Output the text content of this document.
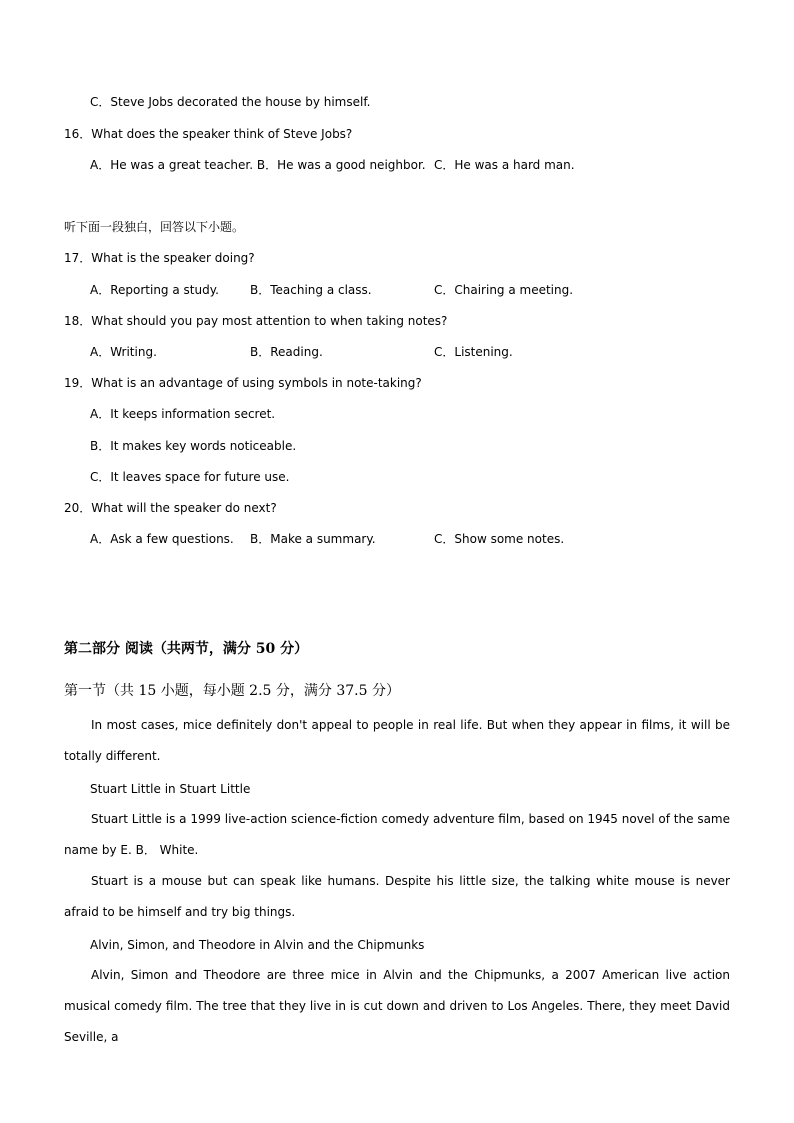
C．Steve Jobs decorated the house by himself.
16．What does the speaker think of Steve Jobs?
A．He was a great teacher. B．He was a good neighbor. C．He was a hard man.
听下面一段独白，回答以下小题。
17．What is the speaker doing?
A．Reporting a study.	B．Teaching a class.	C．Chairing a meeting.
18．What should you pay most attention to when taking notes?
A．Writing.	B．Reading.	C．Listening.
19．What is an advantage of using symbols in note-taking?
A．It keeps information secret.
B．It makes key words noticeable.
C．It leaves space for future use.
20．What will the speaker do next?
A．Ask a few questions. B．Make a summary.	C．Show some notes.
第二部分 阅读（共两节，满分 50 分）
第一节（共 15 小题，每小题 2.5 分，满分 37.5 分）
In most cases, mice definitely don't appeal to people in real life. But when they appear in films, it will be totally different.
Stuart Little in Stuart Little
Stuart Little is a 1999 live-action science-fiction comedy adventure film, based on 1945 novel of the same name by E. B． White.
Stuart is a mouse but can speak like humans. Despite his little size, the talking white mouse is never afraid to be himself and try big things.
Alvin, Simon, and Theodore in Alvin and the Chipmunks
Alvin, Simon and Theodore are three mice in Alvin and the Chipmunks, a 2007 American live action musical comedy film. The tree that they live in is cut down and driven to Los Angeles. There, they meet David Seville, a
